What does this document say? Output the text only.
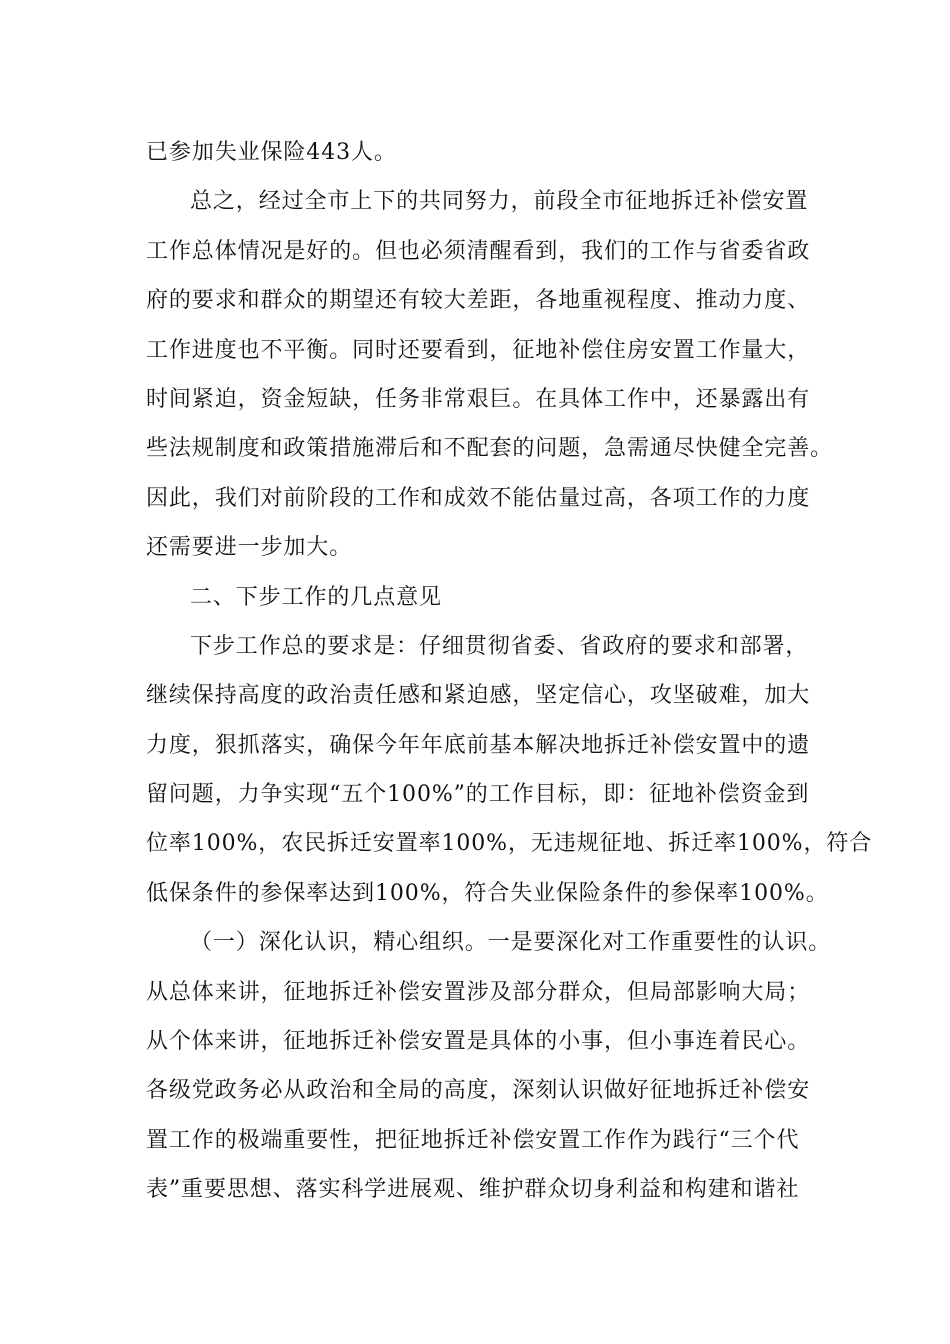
已参加失业保险443人。
总之，经过全市上下的共同努力，前段全市征地拆迁补偿安置
工作总体情况是好的。但也必须清醒看到，我们的工作与省委省政
府的要求和群众的期望还有较大差距，各地重视程度、推动力度、
工作进度也不平衡。同时还要看到，征地补偿住房安置工作量大，
时间紧迫，资金短缺，任务非常艰巨。在具体工作中，还暴露出有
些法规制度和政策措施滞后和不配套的问题，急需通尽快健全完善。
因此，我们对前阶段的工作和成效不能估量过高，各项工作的力度
还需要进一步加大。
二、下步工作的几点意见
下步工作总的要求是：仔细贯彻省委、省政府的要求和部署，
继续保持高度的政治责任感和紧迫感，坚定信心，攻坚破难，加大
力度，狠抓落实，确保今年年底前基本解决地拆迁补偿安置中的遗
留问题，力争实现“五个100%”的工作目标，即：征地补偿资金到
位率100%，农民拆迁安置率100%，无违规征地、拆迁率100%，符合
低保条件的参保率达到100%，符合失业保险条件的参保率100%。
（一）深化认识，精心组织。一是要深化对工作重要性的认识。
从总体来讲，征地拆迁补偿安置涉及部分群众，但局部影响大局；
从个体来讲，征地拆迁补偿安置是具体的小事，但小事连着民心。
各级党政务必从政治和全局的高度，深刻认识做好征地拆迁补偿安
置工作的极端重要性，把征地拆迁补偿安置工作作为践行“三个代
表”重要思想、落实科学进展观、维护群众切身利益和构建和谐社
